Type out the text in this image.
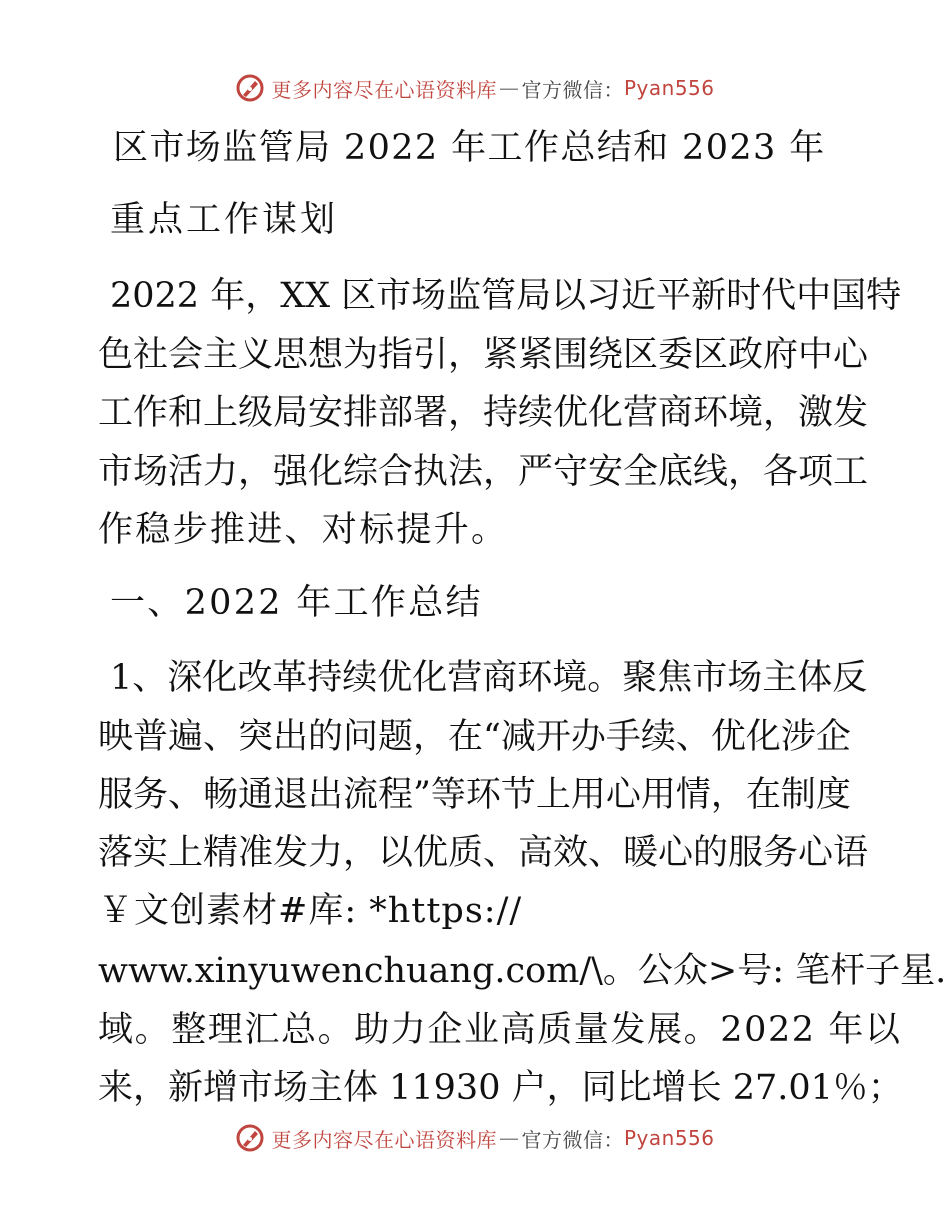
更多内容尽在心语资料库 — 官方微信： Pyan556
区市场监管局 2022 年工作总结和 2023 年
重点工作谋划
2022 年，XX 区市场监管局以习近平新时代中国特
色社会主义思想为指引，紧紧围绕区委区政府中心
工作和上级局安排部署，持续优化营商环境，激发
市场活力，强化综合执法，严守安全底线，各项工
作稳步推进、对标提升。
一、2022 年工作总结
1、深化改革持续优化营商环境。聚焦市场主体反
映普遍、突出的问题，在“减开办手续、优化涉企
服务、畅通退出流程”等环节上用心用情，在制度
落实上精准发力，以优质、高效、暖心的服务心语
￥文创素材#库: *https://
www.xinyuwenchuang.com/\。公众>号: 笔杆子星.
域。整理汇总。助力企业高质量发展。2022 年以
来，新增市场主体 11930 户，同比增长 27.01％；
更多内容尽在心语资料库 — 官方微信： Pyan556
